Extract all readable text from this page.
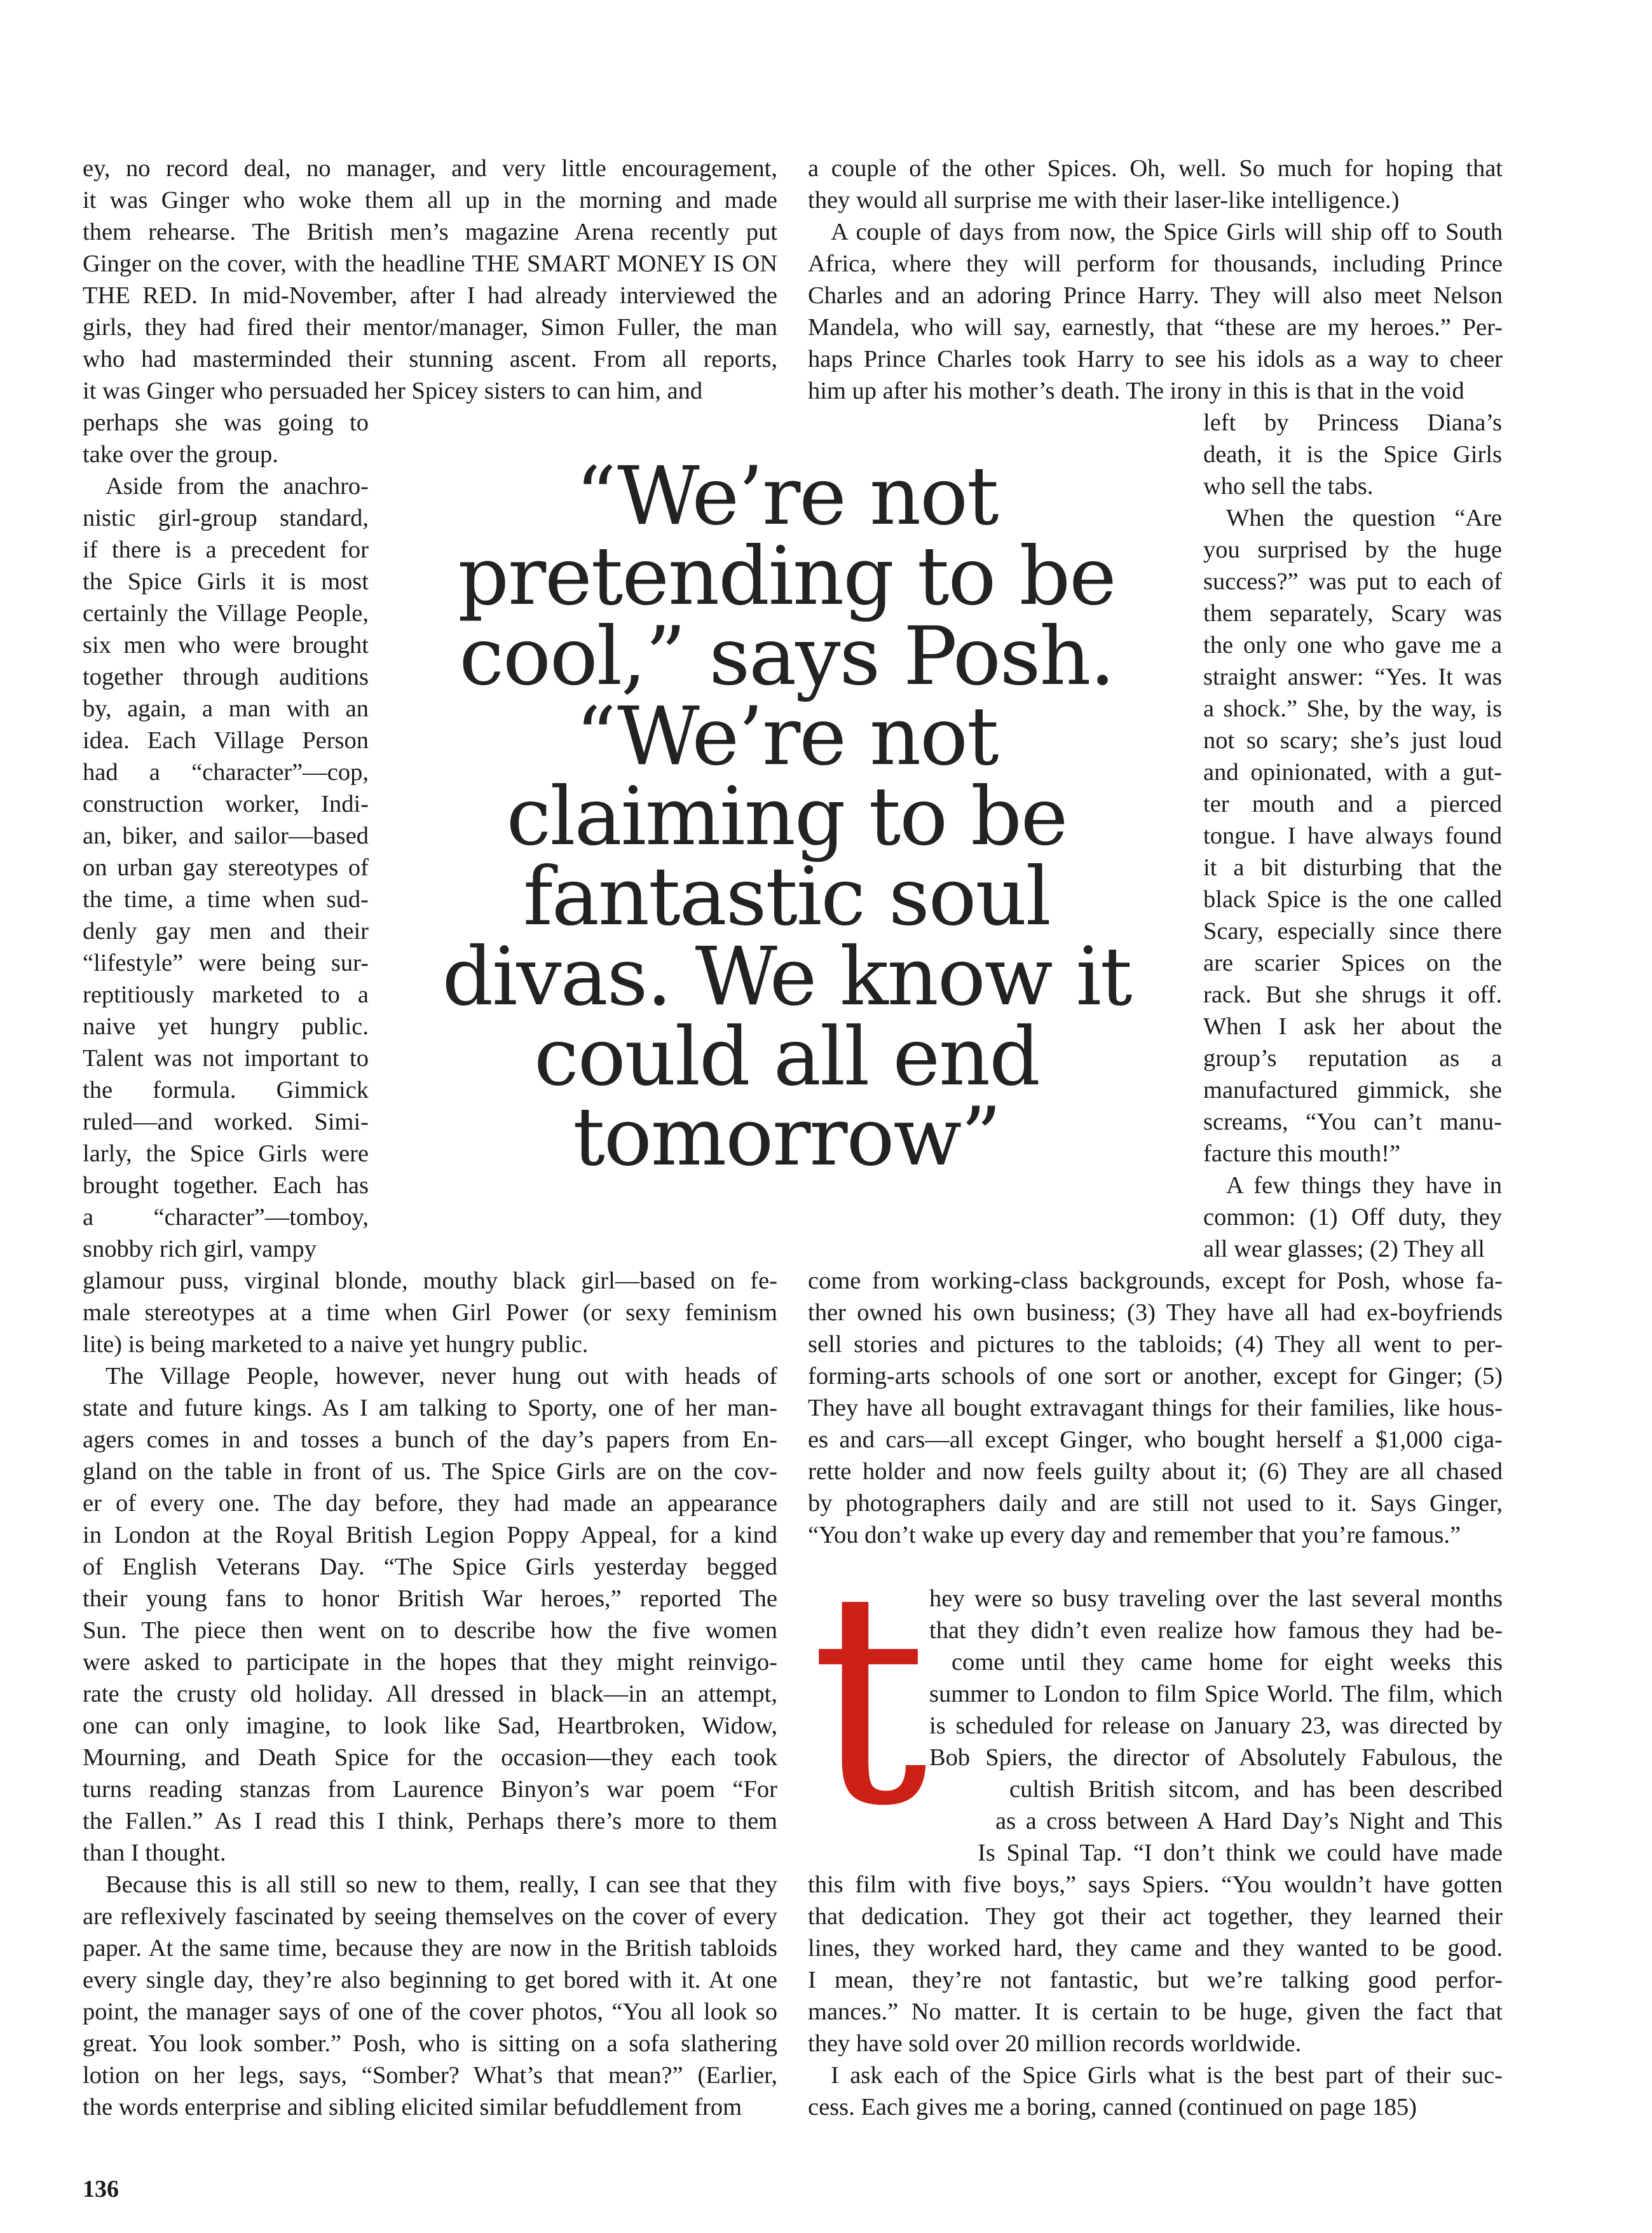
ey, no record deal, no manager, and very little encouragement,

it was Ginger who woke them all up in the morning and made

them rehearse. The British men’s magazine Arena recently put

Ginger on the cover, with the headline THE SMART MONEY IS ON

THE RED. In mid-November, after I had already interviewed the

girls, they had fired their mentor/manager, Simon Fuller, the man

who had masterminded their stunning ascent. From all reports,

it was Ginger who persuaded her Spicey sisters to can him, and

perhaps she was going to

take over the group.

Aside from the anachro-

nistic girl-group standard,

if there is a precedent for

the Spice Girls it is most

certainly the Village People,

six men who were brought

together through auditions

by, again, a man with an

idea. Each Village Person

had a “character”—cop,

construction worker, Indi-

an, biker, and sailor—based

on urban gay stereotypes of

the time, a time when sud-

denly gay men and their

“lifestyle” were being sur-

reptitiously marketed to a

naive yet hungry public.

Talent was not important to

the formula. Gimmick

ruled—and worked. Simi-

larly, the Spice Girls were

brought together. Each has

a “character”—tomboy,

snobby rich girl, vampy

glamour puss, virginal blonde, mouthy black girl—based on fe-

male stereotypes at a time when Girl Power (or sexy feminism

lite) is being marketed to a naive yet hungry public.

The Village People, however, never hung out with heads of

state and future kings. As I am talking to Sporty, one of her man-

agers comes in and tosses a bunch of the day’s papers from En-

gland on the table in front of us. The Spice Girls are on the cov-

er of every one. The day before, they had made an appearance

in London at the Royal British Legion Poppy Appeal, for a kind

of English Veterans Day. “The Spice Girls yesterday begged

their young fans to honor British War heroes,” reported The

Sun. The piece then went on to describe how the five women

were asked to participate in the hopes that they might reinvigo-

rate the crusty old holiday. All dressed in black—in an attempt,

one can only imagine, to look like Sad, Heartbroken, Widow,

Mourning, and Death Spice for the occasion—they each took

turns reading stanzas from Laurence Binyon’s war poem “For

the Fallen.” As I read this I think, Perhaps there’s more to them

than I thought.

Because this is all still so new to them, really, I can see that they

are reflexively fascinated by seeing themselves on the cover of every

paper. At the same time, because they are now in the British tabloids

every single day, they’re also beginning to get bored with it. At one

point, the manager says of one of the cover photos, “You all look so

great. You look somber.” Posh, who is sitting on a sofa slathering

lotion on her legs, says, “Somber? What’s that mean?” (Earlier,

the words enterprise and sibling elicited similar befuddlement from

a couple of the other Spices. Oh, well. So much for hoping that

they would all surprise me with their laser-like intelligence.)

A couple of days from now, the Spice Girls will ship off to South

Africa, where they will perform for thousands, including Prince

Charles and an adoring Prince Harry. They will also meet Nelson

Mandela, who will say, earnestly, that “these are my heroes.” Per-

haps Prince Charles took Harry to see his idols as a way to cheer

him up after his mother’s death. The irony in this is that in the void

left by Princess Diana’s

death, it is the Spice Girls

who sell the tabs.

When the question “Are

you surprised by the huge

success?” was put to each of

them separately, Scary was

the only one who gave me a

straight answer: “Yes. It was

a shock.” She, by the way, is

not so scary; she’s just loud

and opinionated, with a gut-

ter mouth and a pierced

tongue. I have always found

it a bit disturbing that the

black Spice is the one called

Scary, especially since there

are scarier Spices on the

rack. But she shrugs it off.

When I ask her about the

group’s reputation as a

manufactured gimmick, she

screams, “You can’t manu-

facture this mouth!”

A few things they have in

common: (1) Off duty, they

all wear glasses; (2) They all

come from working-class backgrounds, except for Posh, whose fa-

ther owned his own business; (3) They have all had ex-boyfriends

sell stories and pictures to the tabloids; (4) They all went to per-

forming-arts schools of one sort or another, except for Ginger; (5)

They have all bought extravagant things for their families, like hous-

es and cars—all except Ginger, who bought herself a $1,000 ciga-

rette holder and now feels guilty about it; (6) They are all chased

by photographers daily and are still not used to it. Says Ginger,

“You don’t wake up every day and remember that you’re famous.”

t hey were so busy traveling over the last several months

that they didn’t even realize how famous they had be-

come until they came home for eight weeks this

summer to London to film Spice World. The film, which

is scheduled for release on January 23, was directed by

Bob Spiers, the director of Absolutely Fabulous, the

cultish British sitcom, and has been described

as a cross between A Hard Day’s Night and This

Is Spinal Tap. “I don’t think we could have made

this film with five boys,” says Spiers. “You wouldn’t have gotten

that dedication. They got their act together, they learned their

lines, they worked hard, they came and they wanted to be good.

I mean, they’re not fantastic, but we’re talking good perfor-

mances.” No matter. It is certain to be huge, given the fact that

they have sold over 20 million records worldwide.

I ask each of the Spice Girls what is the best part of their suc-

cess. Each gives me a boring, canned (continued on page 185)

“We’re not
pretending to be
cool,” says Posh.
“We’re not
claiming to be
fantastic soul
divas. We know it
could all end
tomorrow”
136
